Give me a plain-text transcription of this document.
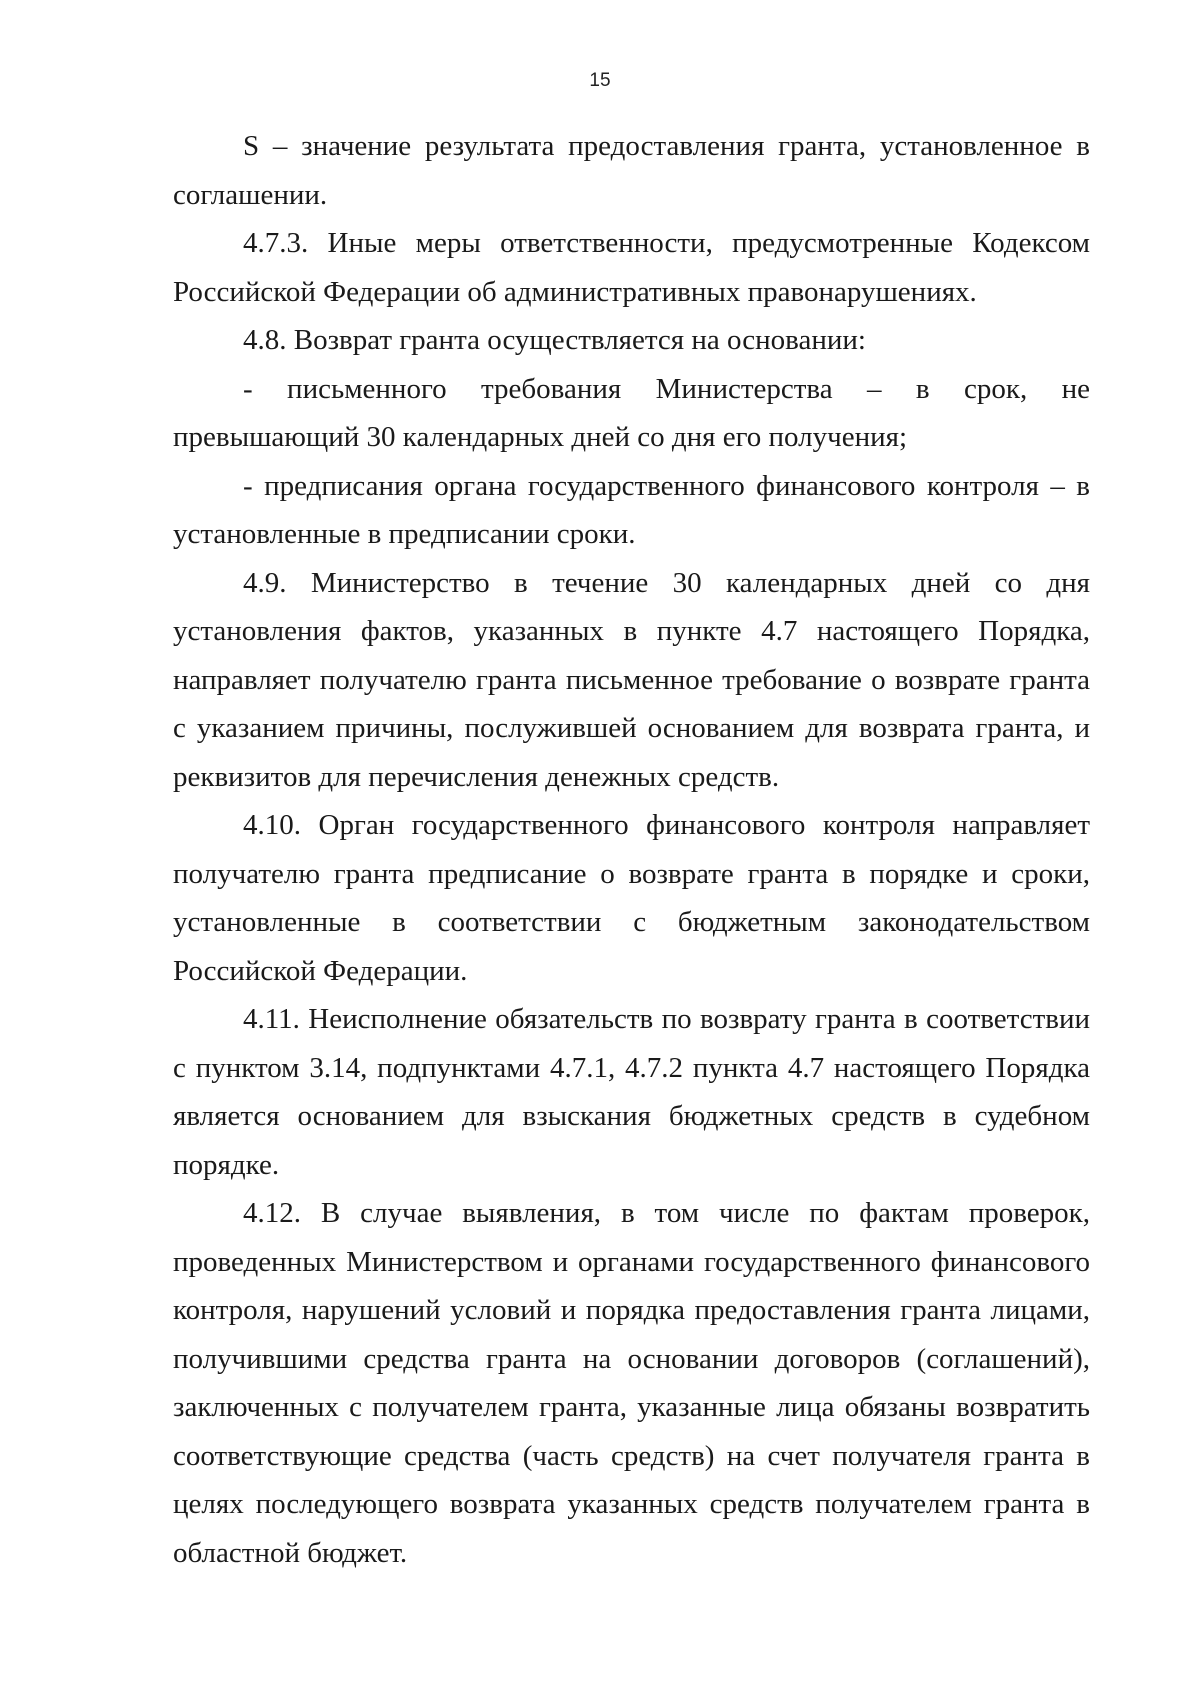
15

S – значение результата предоставления гранта, установленное в соглашении.

4.7.3. Иные меры ответственности, предусмотренные Кодексом Российской Федерации об административных правонарушениях.

4.8. Возврат гранта осуществляется на основании:

- письменного требования Министерства – в срок, не превышающий 30 календарных дней со дня его получения;

- предписания органа государственного финансового контроля – в установленные в предписании сроки.

4.9. Министерство в течение 30 календарных дней со дня установления фактов, указанных в пункте 4.7 настоящего Порядка, направляет получателю гранта письменное требование о возврате гранта с указанием причины, послужившей основанием для возврата гранта, и реквизитов для перечисления денежных средств.

4.10. Орган государственного финансового контроля направляет получателю гранта предписание о возврате гранта в порядке и сроки, установленные в соответствии с бюджетным законодательством Российской Федерации.

4.11. Неисполнение обязательств по возврату гранта в соответствии с пунктом 3.14, подпунктами 4.7.1, 4.7.2 пункта 4.7 настоящего Порядка является основанием для взыскания бюджетных средств в судебном порядке.

4.12. В случае выявления, в том числе по фактам проверок, проведенных Министерством и органами государственного финансового контроля, нарушений условий и порядка предоставления гранта лицами, получившими средства гранта на основании договоров (соглашений), заключенных с получателем гранта, указанные лица обязаны возвратить соответствующие средства (часть средств) на счет получателя гранта в целях последующего возврата указанных средств получателем гранта в областной бюджет.
